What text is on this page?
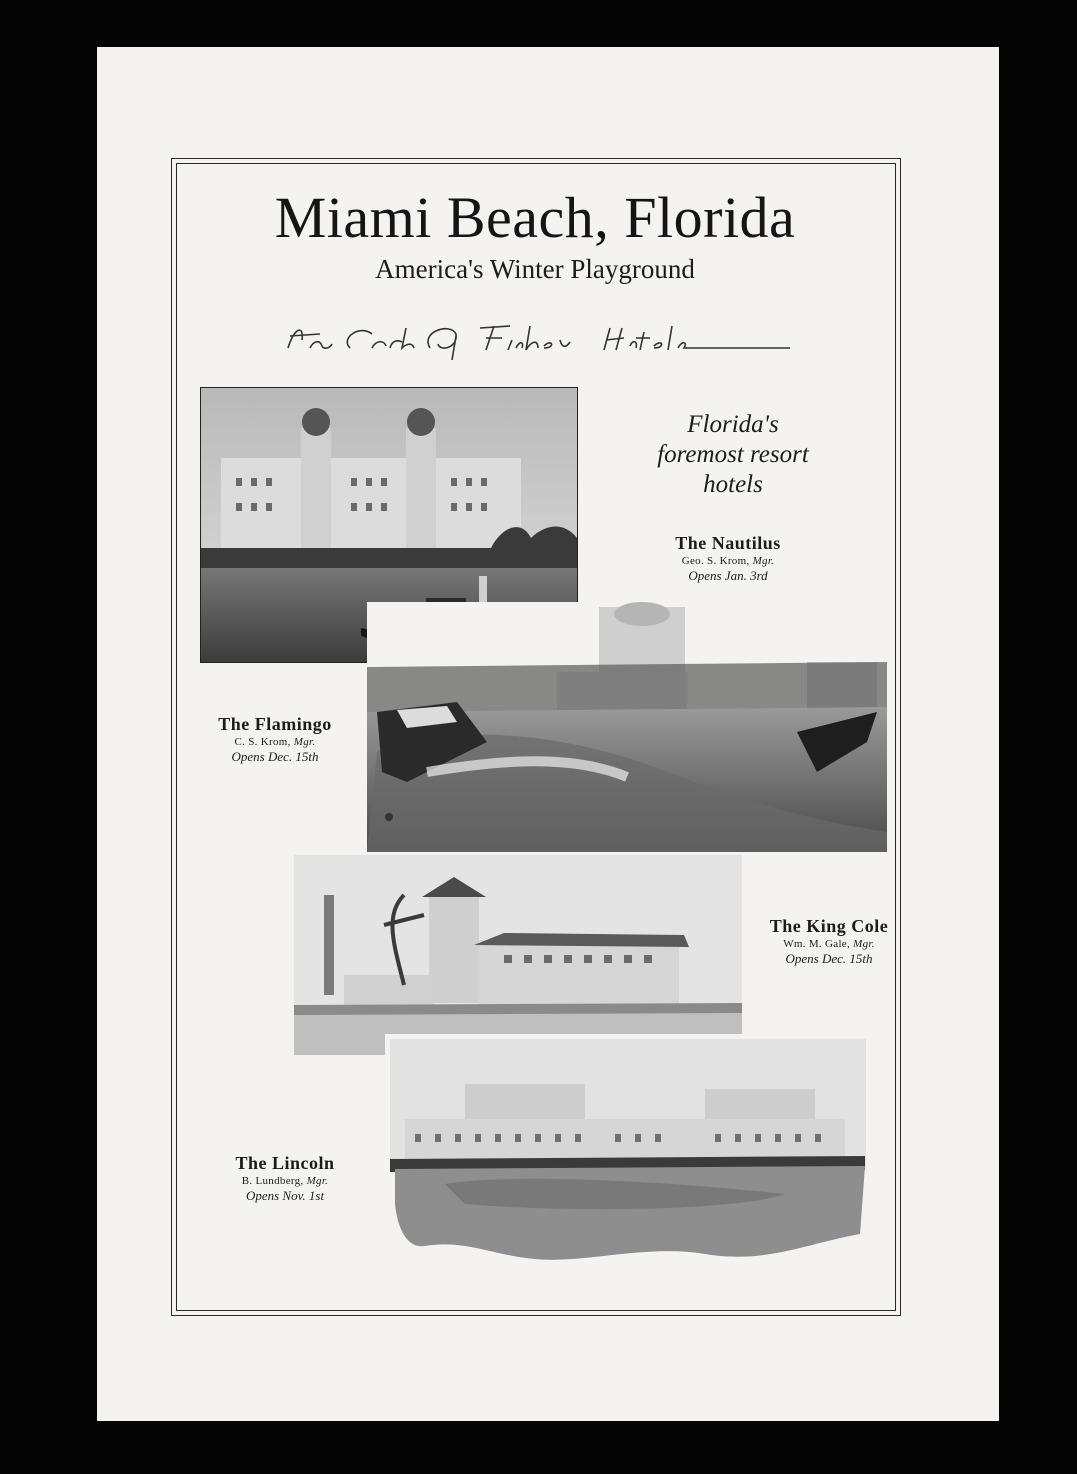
Miami Beach, Florida
America's Winter Playground
Florida's
foremost resort
hotels
The Nautilus
Geo. S. Krom, Mgr.
Opens Jan. 3rd
The Flamingo
C. S. Krom, Mgr.
Opens Dec. 15th
The King Cole
Wm. M. Gale, Mgr.
Opens Dec. 15th
The Lincoln
B. Lundberg, Mgr.
Opens Nov. 1st
